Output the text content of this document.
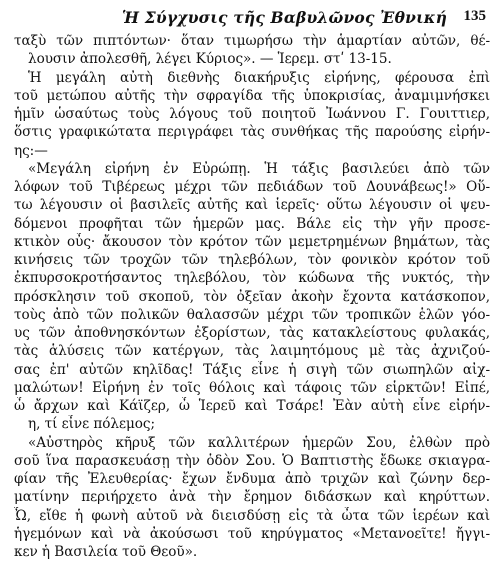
Ἡ Σύγχυσις τῆς Βαβυλῶνος Ἐθνική 135
ταξὺ τῶν πιπτόντων· ὅταν τιμωρήσω τὴν ἁμαρτίαν αὐτῶν, θέ-
λουσιν ἀπολεσθῆ, λέγει Κύριος». — Ἱερεμ. στʹ 13-15.
Ἡ μεγάλη αὐτὴ διεθνὴς διακήρυξις εἰρήνης, φέρουσα ἐπὶ
τοῦ μετώπου αὐτῆς τὴν σφραγίδα τῆς ὑποκρισίας, ἀναμιμνήσκει
ἡμῖν ὡσαύτως τοὺς λόγους τοῦ ποιητοῦ Ἰωάννου Γ. Γουιττιερ,
ὅστις γραφικώτατα περιγράφει τὰς συνθήκας τῆς παρούσης εἰρήν-
ης:—
«Μεγάλη εἰρήνη ἐν Εὐρώπῃ. Ἡ τάξις βασιλεύει ἀπὸ τῶν
λόφων τοῦ Τιβέρεως μέχρι τῶν πεδιάδων τοῦ Δουνάβεως!» Οὕ-
τω λέγουσιν οἱ βασιλεῖς αὐτῆς καὶ ἱερεῖς· οὕτω λέγουσιν οἱ ψευ-
δόμενοι προφῆται τῶν ἡμερῶν μας. Βάλε εἰς τὴν γῆν προσε-
κτικὸν οὖς· ἄκουσον τὸν κρότον τῶν μεμετρημένων βημάτων, τὰς
κινήσεις τῶν τροχῶν τῶν τηλεβόλων, τὸν φονικὸν κρότον τοῦ
ἐκπυρσοκροτήσαντος τηλεβόλου, τὸν κώδωνα τῆς νυκτός, τὴν
πρόσκλησιν τοῦ σκοποῦ, τὸν ὀξεῖαν ἀκοὴν ἔχοντα κατάσκοπον,
τοὺς ἀπὸ τῶν πολικῶν θαλασσῶν μέχρι τῶν τροπικῶν ἑλῶν γόο-
υς τῶν ἀποθνησκόντων ἐξορίστων, τὰς κατακλείστους φυλακάς,
τὰς ἁλύσεις τῶν κατέργων, τὰς λαιμητόμους μὲ τὰς ἀχνιζού-
σας ἐπ' αὐτῶν κηλῖδας! Τάξις εἶνε ἡ σιγὴ τῶν σιωπηλῶν αἰχ-
μαλώτων! Εἰρήνη ἐν τοῖς θόλοις καὶ τάφοις τῶν εἱρκτῶν! Εἰπέ,
ὦ ἄρχων καὶ Κάϊζερ, ὦ Ἱερεῦ καὶ Τσάρε! Ἐὰν αὐτὴ εἶνε εἰρήν-
η, τί εἶνε πόλεμος;
«Αὐστηρὸς κῆρυξ τῶν καλλιτέρων ἡμερῶν Σου, ἐλθὼν πρὸ
σοῦ ἵνα παρασκευάσῃ τὴν ὁδὸν Σου. Ὁ Βαπτιστὴς ἔδωκε σκιαγρα-
φίαν τῆς Ἐλευθερίας· ἔχων ἔνδυμα ἀπὸ τριχῶν καὶ ζώνην δερ-
ματίνην περιήρχετο ἀνὰ τὴν ἔρημον διδάσκων καὶ κηρύττων.
Ὦ, εἴθε ἡ φωνὴ αὐτοῦ νὰ διεισδύσῃ εἰς τὰ ὦτα τῶν ἱερέων καὶ
ἡγεμόνων καὶ νὰ ἀκούσωσι τοῦ κηρύγματος «Μετανοεῖτε! ἤγγι-
κεν ἡ Βασιλεία τοῦ Θεοῦ».
